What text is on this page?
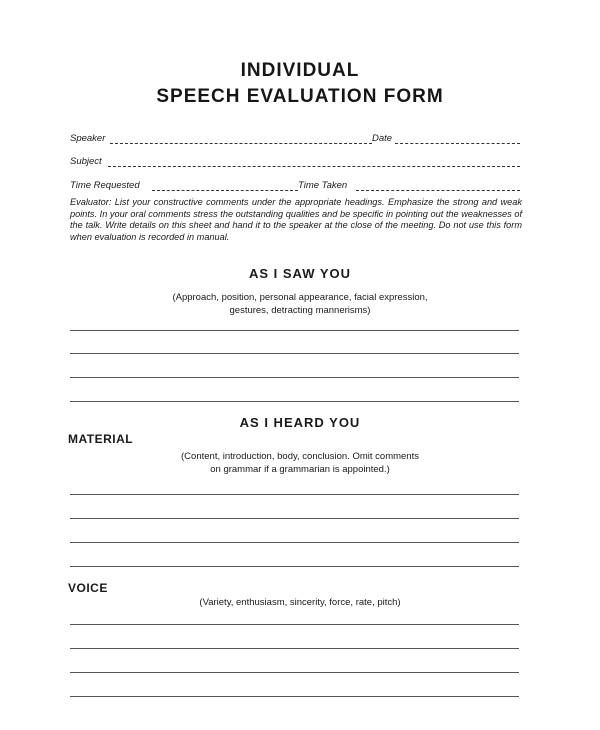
INDIVIDUAL
SPEECH EVALUATION FORM
Speaker	Date
Subject
Time Requested	Time Taken

Evaluator: List your constructive comments under the appropriate headings. Emphasize the strong and weak points. In your oral comments stress the outstanding qualities and be specific in pointing out the weaknesses of the talk. Write details on this sheet and hand it to the speaker at the close of the meeting. Do not use this form when evaluation is recorded in manual.

AS I SAW YOU
(Approach, position, personal appearance, facial expression,
gestures, detracting mannerisms)
AS I HEARD YOU
MATERIAL
(Content, introduction, body, conclusion. Omit comments
on grammar if a grammarian is appointed.)
VOICE
(Variety, enthusiasm, sincerity, force, rate, pitch)
